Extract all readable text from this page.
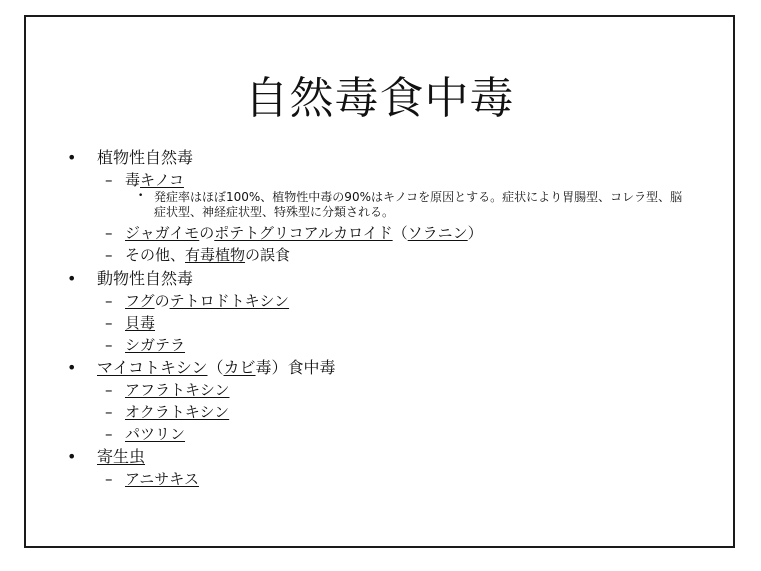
自然毒食中毒
• 植物性自然毒
– 毒キノコ
• 発症率はほぼ100%、植物性中毒の90%はキノコを原因とする。症状により胃腸型、コレラ型、脳症状型、神経症状型、特殊型に分類される。
– ジャガイモのポテトグリコアルカロイド（ソラニン）
– その他、有毒植物の誤食
• 動物性自然毒
– フグのテトロドトキシン
– 貝毒
– シガテラ
• マイコトキシン（カビ毒）食中毒
– アフラトキシン
– オクラトキシン
– パツリン
• 寄生虫
– アニサキス
